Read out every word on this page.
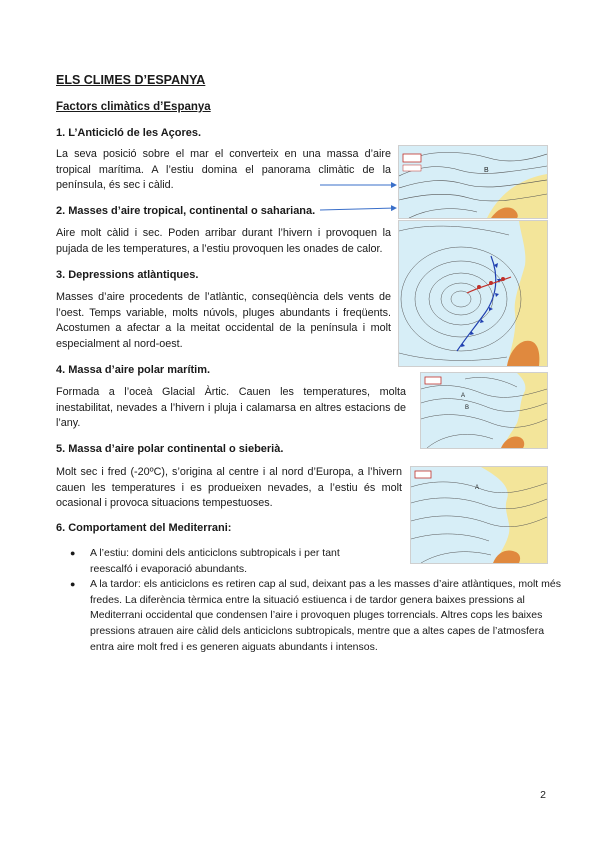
ELS CLIMES D’ESPANYA
Factors climàtics d’Espanya
1. L’Anticicló de les Açores.
La seva posició sobre el mar el converteix en una massa d’aire tropical marítima. A l’estiu domina el panorama climàtic de la península, és sec i càlid.
2. Masses d’aire tropical, continental o sahariana.
Aire molt càlid i sec. Poden arribar durant l’hivern i provoquen la pujada de les temperatures, a l’estiu provoquen les onades de calor.
3. Depressions atlàntiques.
Masses d’aire procedents de l’atlàntic, conseqüència dels vents de l’oest. Temps variable, molts núvols, pluges abundants i freqüents. Acostumen a afectar a la meitat occidental de la península i molt especialment al nord-oest.
4. Massa d’aire polar marítim.
Formada a l’oceà Glacial Àrtic. Cauen les temperatures, molta inestabilitat, nevades a l’hivern i pluja i calamarsa en altres estacions de l’any.
5. Massa d’aire polar continental o sieberià.
Molt sec i fred (-20ºC), s’origina al centre i al nord d’Europa, a l’hivern cauen les temperatures i es produeixen nevades, a l’estiu és molt ocasional i provoca situacions tempestuoses.
6. Comportament del Mediterrani:
● A l’estiu: domini dels anticiclons subtropicals i per tant reescalfó i evaporació abundants.
● A la tardor: els anticiclons es retiren cap al sud, deixant pas a les masses d’aire atlàntiques, molt més fredes. La diferència tèrmica entre la situació estiuenca i de tardor genera baixes pressions al Mediterrani occidental que condensen l’aire i provoquen pluges torrencials. Altres cops les baixes pressions atrauen aire càlid dels anticiclons subtropicals, mentre que a altes capes de l’atmosfera entra aire molt fred i es generen aiguats abundants i intensos.
B
A
B
A
2
